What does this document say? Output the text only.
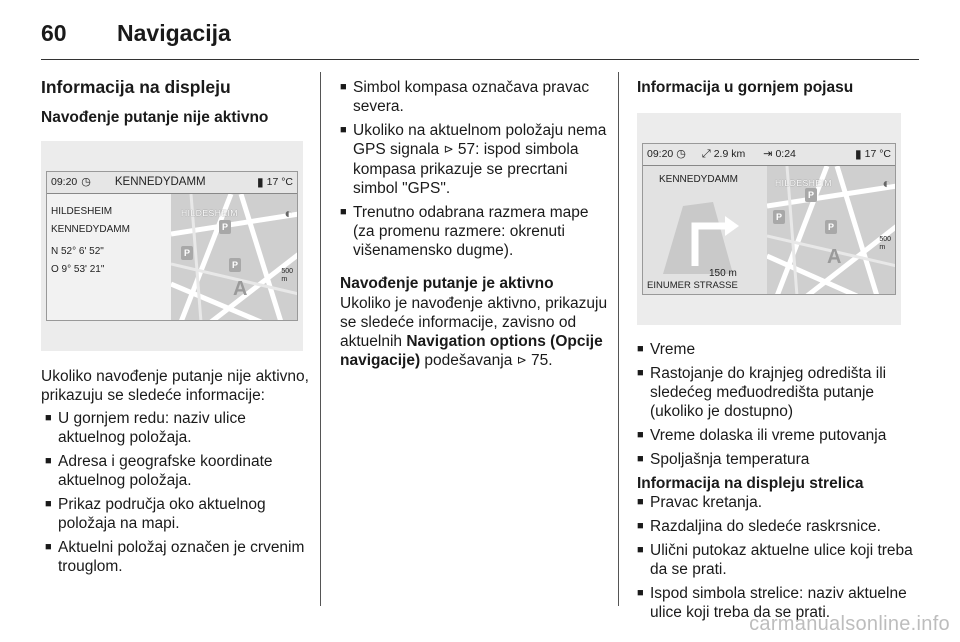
60	Navigacija
Informacija na displeju
Navođenje putanje nije aktivno
09:20 ◷ KENNEDYDAMM	▮ 17 °C
HILDESHEIM
KENNEDYDAMM
N 52° 6' 52"
O 9° 53' 21"
HILDESHEIM
P
P
P
A
◐
500
m

Ukoliko navođenje putanje nije aktivno, prikazuju se sledeće informacije:

■ U gornjem redu: naziv ulice aktuelnog položaja.
■ Adresa i geografske koordinate aktuelnog položaja.
■ Prikaz područja oko aktuelnog položaja na mapi.
■ Aktuelni položaj označen je crvenim trouglom.
■ Simbol kompasa označava pravac severa.
■ Ukoliko na aktuelnom položaju nema GPS signala ⊳ 57: ispod simbola kompasa prikazuje se precrtani simbol "GPS".
■ Trenutno odabrana razmera mape (za promenu razmere: okrenuti višenamensko dugme).
Navođenje putanje je aktivno

Ukoliko je navođenje aktivno, prikazuju se sledeće informacije, zavisno od aktuelnih Navigation options (Opcije navigacije) podešavanja ⊳ 75.

Informacija u gornjem pojasu
09:20 ◷ ⤢ 2.9 km ⇥ 0:24	▮ 17 °C
KENNEDYDAMM
150 m
EINUMER STRASSE
HILDESHEIM
P
P
P
A
◐
500
m
■ Vreme
■ Rastojanje do krajnjeg odredišta ili sledećeg međuodredišta putanje (ukoliko je dostupno)
■ Vreme dolaska ili vreme putovanja
■ Spoljašnja temperatura
Informacija na displeju strelica
■ Pravac kretanja.
■ Razdaljina do sledeće raskrsnice.
■ Ulični putokaz aktuelne ulice koji treba da se prati.
■ Ispod simbola strelice: naziv aktuelne ulice koji treba da se prati.
carmanualsonline.info
